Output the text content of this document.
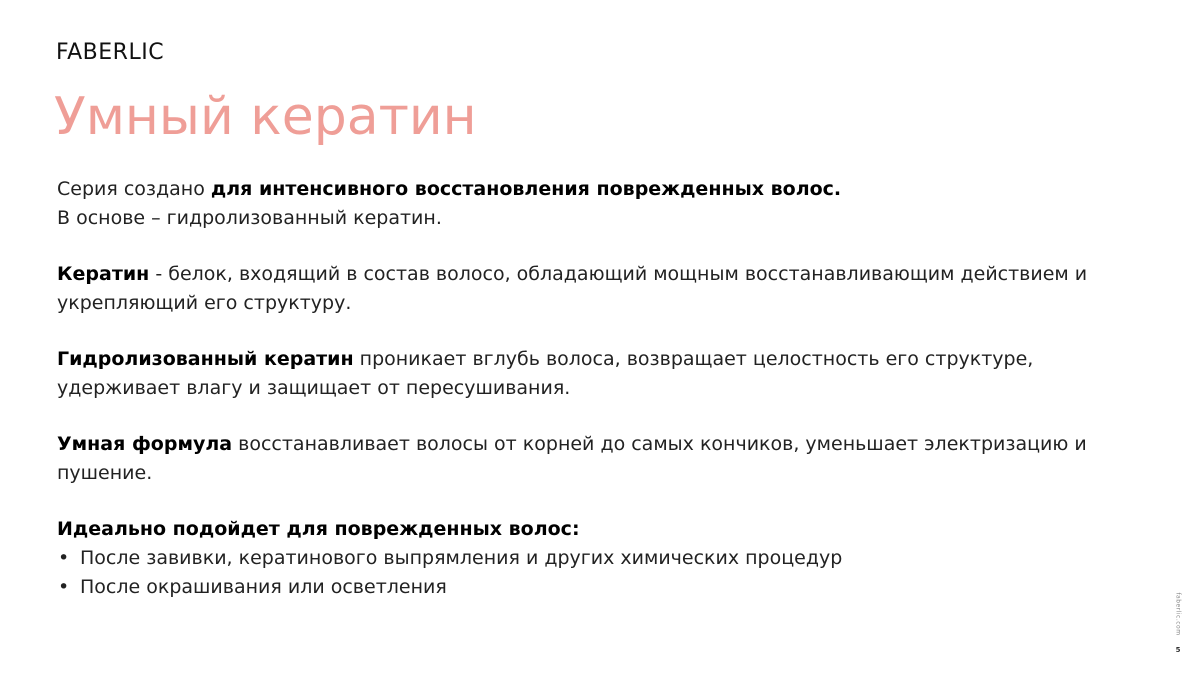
FABERLIC
Умный кератин

Серия создано для интенсивного восстановления поврежденных волос.
В основе – гидролизованный кератин.

Кератин - белок, входящий в состав волосо, обладающий мощным восстанавливающим действием и укрепляющий его структуру.

Гидролизованный кератин проникает вглубь волоса, возвращает целостность его структуре, удерживает влагу и защищает от пересушивания.

Умная формула восстанавливает волосы от корней до самых кончиков, уменьшает электризацию и пушение.

Идеально подойдет для поврежденных волос:
• После завивки, кератинового выпрямления и других химических процедур
• После окрашивания или осветления
faberlic.com
5
